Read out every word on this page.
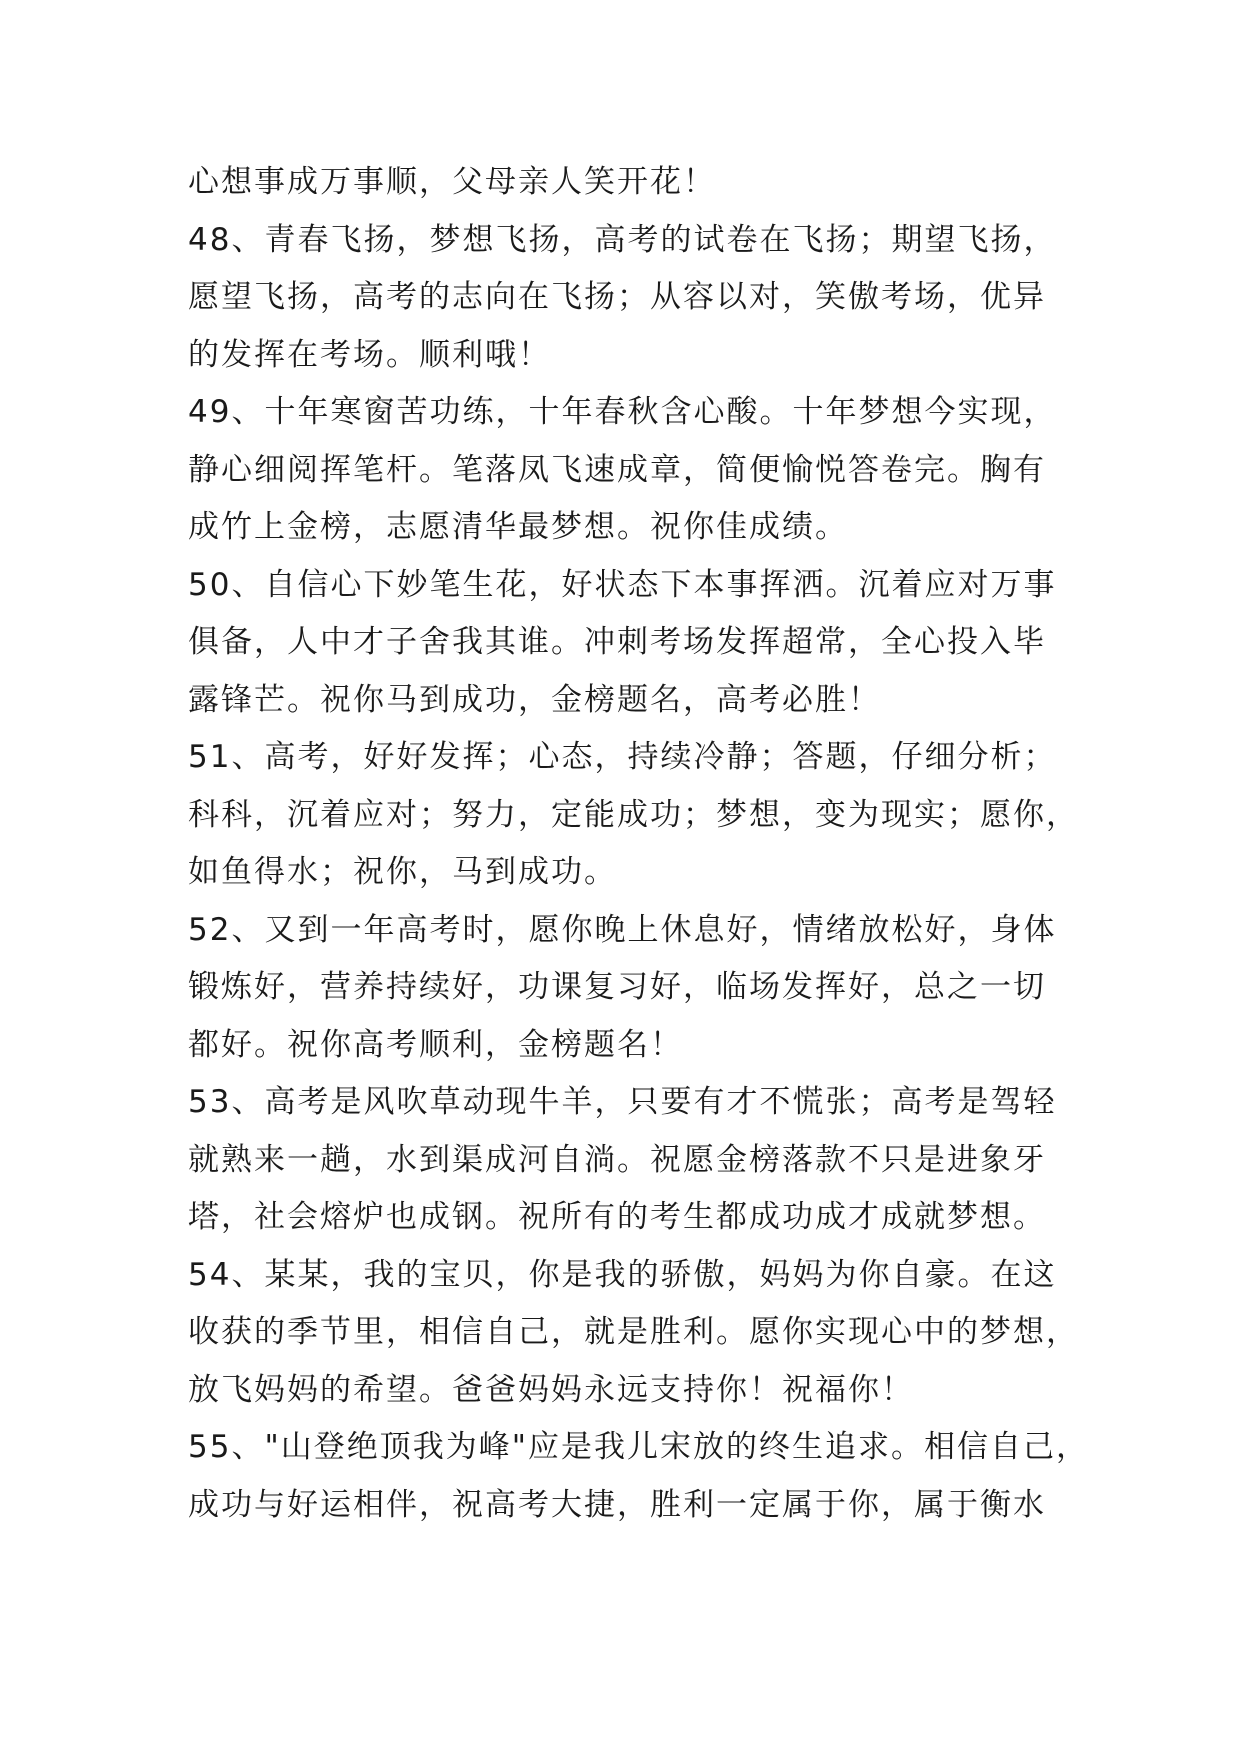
心想事成万事顺，父母亲人笑开花！
48、青春飞扬，梦想飞扬，高考的试卷在飞扬；期望飞扬，
愿望飞扬，高考的志向在飞扬；从容以对，笑傲考场，优异
的发挥在考场。顺利哦！
49、十年寒窗苦功练，十年春秋含心酸。十年梦想今实现，
静心细阅挥笔杆。笔落凤飞速成章，简便愉悦答卷完。胸有
成竹上金榜，志愿清华最梦想。祝你佳成绩。
50、自信心下妙笔生花，好状态下本事挥洒。沉着应对万事
俱备，人中才子舍我其谁。冲刺考场发挥超常，全心投入毕
露锋芒。祝你马到成功，金榜题名，高考必胜！
51、高考，好好发挥；心态，持续冷静；答题，仔细分析；
科科，沉着应对；努力，定能成功；梦想，变为现实；愿你，
如鱼得水；祝你，马到成功。
52、又到一年高考时，愿你晚上休息好，情绪放松好，身体
锻炼好，营养持续好，功课复习好，临场发挥好，总之一切
都好。祝你高考顺利，金榜题名！
53、高考是风吹草动现牛羊，只要有才不慌张；高考是驾轻
就熟来一趟，水到渠成河自淌。祝愿金榜落款不只是进象牙
塔，社会熔炉也成钢。祝所有的考生都成功成才成就梦想。
54、某某，我的宝贝，你是我的骄傲，妈妈为你自豪。在这
收获的季节里，相信自己，就是胜利。愿你实现心中的梦想，
放飞妈妈的希望。爸爸妈妈永远支持你！祝福你！
55、"山登绝顶我为峰"应是我儿宋放的终生追求。相信自己，
成功与好运相伴，祝高考大捷，胜利一定属于你，属于衡水
